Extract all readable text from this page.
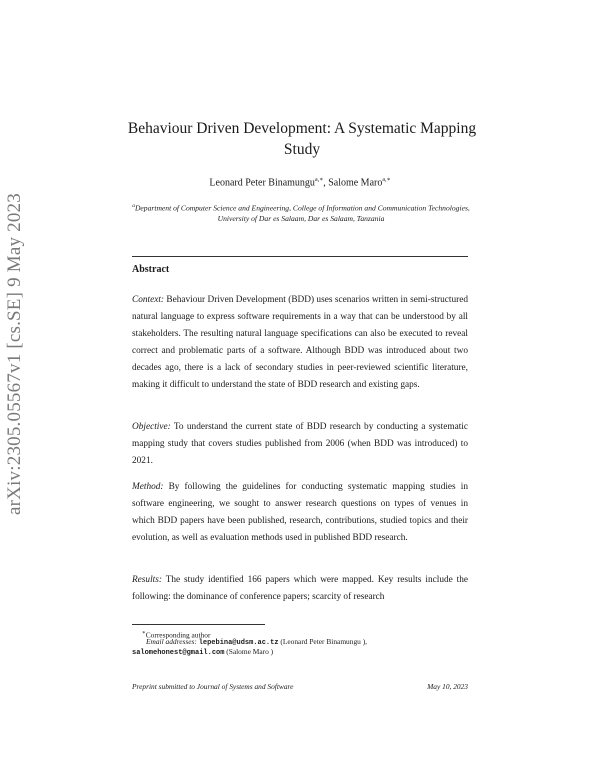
arXiv:2305.05567v1 [cs.SE] 9 May 2023
Behaviour Driven Development: A Systematic Mapping Study
Leonard Peter Binamungu$^{a,∗}$, Salome Maro$^{a,∗}$
$^a$Department of Computer Science and Engineering, College of Information and Communication Technologies, University of Dar es Salaam, Dar es Salaam, Tanzania
Abstract
Context: Behaviour Driven Development (BDD) uses scenarios written in semi-structured natural language to express software requirements in a way that can be understood by all stakeholders. The resulting natural language specifications can also be executed to reveal correct and problematic parts of a software. Although BDD was introduced about two decades ago, there is a lack of secondary studies in peer-reviewed scientific literature, making it difficult to understand the state of BDD research and existing gaps.
Objective: To understand the current state of BDD research by conducting a systematic mapping study that covers studies published from 2006 (when BDD was introduced) to 2021.
Method: By following the guidelines for conducting systematic mapping studies in software engineering, we sought to answer research questions on types of venues in which BDD papers have been published, research, contributions, studied topics and their evolution, as well as evaluation methods used in published BDD research.
Results: The study identified 166 papers which were mapped. Key results include the following: the dominance of conference papers; scarcity of research
∗Corresponding author
Email addresses: lepebina@udsm.ac.tz (Leonard Peter Binamungu ),
salomehonest@gmail.com (Salome Maro )
Preprint submitted to Journal of Systems and Software	May 10, 2023
